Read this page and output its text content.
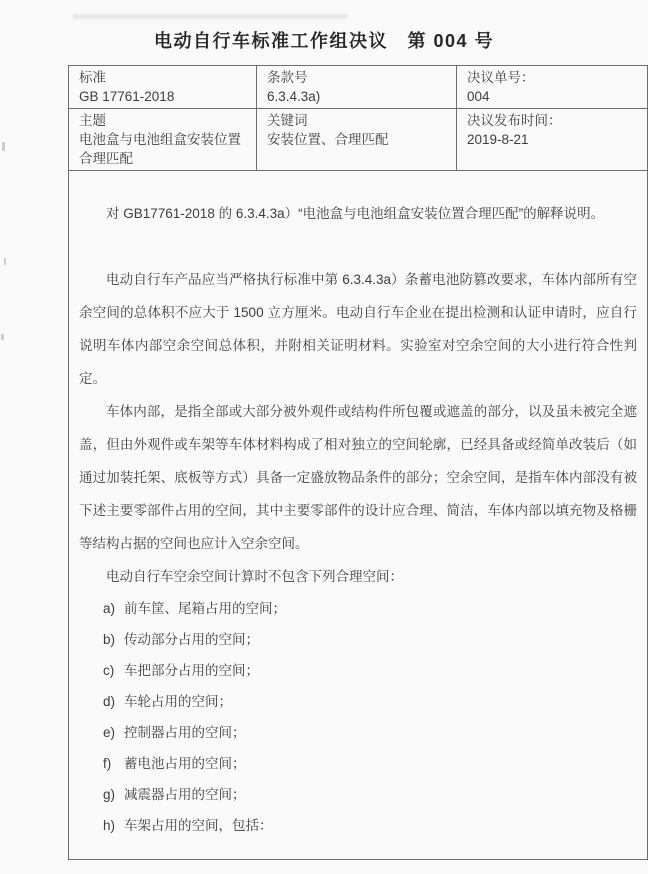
电动自行车标准工作组决议　第 004 号
标准
GB 17761-2018

条款号
6.3.4.3a)

决议单号：
004

主题
电池盒与电池组盒安装位置合理匹配

关键词
安装位置、合理匹配

决议发布时间：
2019-8-21

对 GB17761-2018 的 6.3.4.3a）“电池盒与电池组盒安装位置合理匹配”的解释说明。

电动自行车产品应当严格执行标准中第 6.3.4.3a）条蓄电池防篡改要求，车体内部所有空余空间的总体积不应大于 1500 立方厘米。电动自行车企业在提出检测和认证申请时，应自行说明车体内部空余空间总体积，并附相关证明材料。实验室对空余空间的大小进行符合性判定。

车体内部，是指全部或大部分被外观件或结构件所包覆或遮盖的部分，以及虽未被完全遮盖，但由外观件或车架等车体材料构成了相对独立的空间轮廓，已经具备或经简单改装后（如通过加装托架、底板等方式）具备一定盛放物品条件的部分；空余空间，是指车体内部没有被下述主要零部件占用的空间，其中主要零部件的设计应合理、简洁，车体内部以填充物及格栅等结构占据的空间也应计入空余空间。

电动自行车空余空间计算时不包含下列合理空间：

a) 前车筐、尾箱占用的空间；
b) 传动部分占用的空间；
c) 车把部分占用的空间；
d) 车轮占用的空间；
e) 控制器占用的空间；
f) 蓄电池占用的空间；
g) 减震器占用的空间；
h) 车架占用的空间，包括：
